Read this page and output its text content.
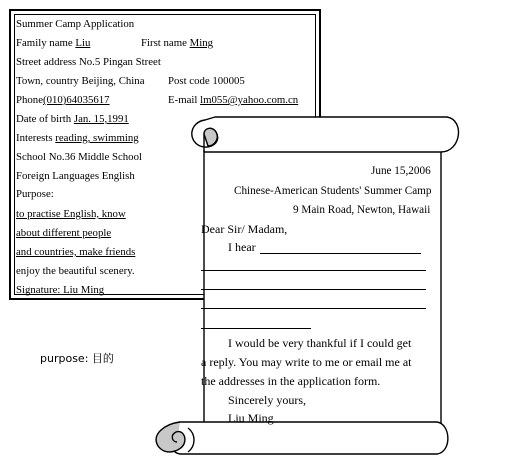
Summer Camp Application
Family name Liu	First name Ming
Street address No.5 Pingan Street
Town, country Beijing, China Post code 100005
Phone(010)64035617	E-mail lm055@yahoo.com.cn
Date of birth Jan. 15,1991
Interests reading, swimming
School No.36 Middle School
Foreign Languages English
Purpose:
to practise English, know
about different people
and countries, make friends
enjoy the beautiful scenery.
Signature: Liu Ming
purpose: 目的
June 15,2006
Chinese-American Students' Summer Camp
9 Main Road, Newton, Hawaii
Dear Sir/ Madam,
I hear
I would be very thankful if I could get
a reply. You may write to me or email me at
the addresses in the application form.
Sincerely yours,
Liu Ming
